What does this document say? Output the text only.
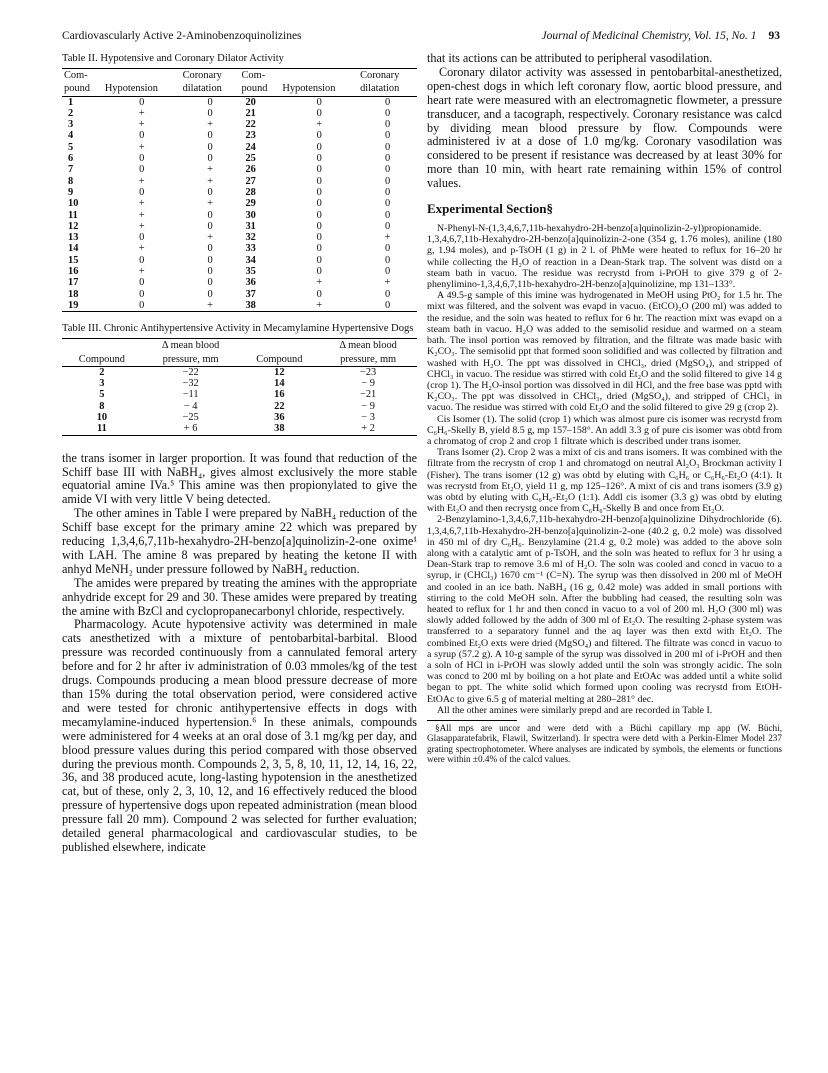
Cardiovascularly Active 2-Aminobenzoquinolizines	Journal of Medicinal Chemistry, Vol. 15, No. 1 93

Table II. Hypotensive and Coronary Dilator Activity

Com-		Coronary	Com-		Coronary
pound	Hypotension	dilatation	pound	Hypotension	dilatation
1	0	0	20	0	0
2	+	0	21	0	0
3	+	+	22	+	0
4	0	0	23	0	0
5	+	0	24	0	0
6	0	0	25	0	0
7	0	+	26	0	0
8	+	+	27	0	0
9	0	0	28	0	0
10	+	+	29	0	0
11	+	0	30	0	0
12	+	0	31	0	0
13	0	+	32	0	+
14	+	0	33	0	0
15	0	0	34	0	0
16	+	0	35	0	0
17	0	0	36	+	+
18	0	0	37	0	0
19	0	+	38	+	0

Table III. Chronic Antihypertensive Activity in Mecamylamine Hypertensive Dogs

	Δ mean blood		Δ mean blood
Compound	pressure, mm	Compound	pressure, mm
2	−22	12	−23
3	−32	14	− 9
5	−11	16	−21
8	− 4	22	− 9
10	−25	36	− 3
11	+ 6	38	+ 2

the trans isomer in larger proportion. It was found that reduction of the Schiff base III with NaBH₄, gives almost exclusively the more stable equatorial amine IVa.⁵ This amine was then propionylated to give the amide VI with very little V being detected.

The other amines in Table I were prepared by NaBH₄ reduction of the Schiff base except for the primary amine 22 which was prepared by reducing 1,3,4,6,7,11b-hexahydro-2H-benzo[a]quinolizin-2-one oxime¹ with LAH. The amine 8 was prepared by heating the ketone II with anhyd MeNH₂ under pressure followed by NaBH₄ reduction.

The amides were prepared by treating the amines with the appropriate anhydride except for 29 and 30. These amides were prepared by treating the amine with BzCl and cyclopropanecarbonyl chloride, respectively.

Pharmacology. Acute hypotensive activity was determined in male cats anesthetized with a mixture of pentobarbital-barbital. Blood pressure was recorded continuously from a cannulated femoral artery before and for 2 hr after iv administration of 0.03 mmoles/kg of the test drugs. Compounds producing a mean blood pressure decrease of more than 15% during the total observation period, were considered active and were tested for chronic antihypertensive effects in dogs with mecamylamine-induced hypertension.⁶ In these animals, compounds were administered for 4 weeks at an oral dose of 3.1 mg/kg per day, and blood pressure values during this period compared with those observed during the previous month. Compounds 2, 3, 5, 8, 10, 11, 12, 14, 16, 22, 36, and 38 produced acute, long-lasting hypotension in the anesthetized cat, but of these, only 2, 3, 10, 12, and 16 effectively reduced the blood pressure of hypertensive dogs upon repeated administration (mean blood pressure fall 20 mm). Compound 2 was selected for further evaluation; detailed general pharmacological and cardiovascular studies, to be published elsewhere, indicate

that its actions can be attributed to peripheral vasodilation.

Coronary dilator activity was assessed in pentobarbital-anesthetized, open-chest dogs in which left coronary flow, aortic blood pressure, and heart rate were measured with an electromagnetic flowmeter, a pressure transducer, and a tacograph, respectively. Coronary resistance was calcd by dividing mean blood pressure by flow. Compounds were administered iv at a dose of 1.0 mg/kg. Coronary vasodilation was considered to be present if resistance was decreased by at least 30% for more than 10 min, with heart rate remaining within 15% of control values.

Experimental Section§

N-Phenyl-N-(1,3,4,6,7,11b-hexahydro-2H-benzo[a]quinolizin-2-yl)propionamide. 1,3,4,6,7,11b-Hexahydro-2H-benzo[a]quinolizin-2-one (354 g, 1.76 moles), aniline (180 g, 1.94 moles), and p-TsOH (1 g) in 2 l. of PhMe were heated to reflux for 16–20 hr while collecting the H₂O of reaction in a Dean-Stark trap. The solvent was distd on a steam bath in vacuo. The residue was recrystd from i-PrOH to give 379 g of 2-phenylimino-1,3,4,6,7,11b-hexahydro-2H-benzo[a]quinolizine, mp 131–133°.

A 49.5-g sample of this imine was hydrogenated in MeOH using PtO₂ for 1.5 hr. The mixt was filtered, and the solvent was evapd in vacuo. (EtCO)₂O (200 ml) was added to the residue, and the soln was heated to reflux for 6 hr. The reaction mixt was evapd on a steam bath in vacuo. H₂O was added to the semisolid residue and warmed on a steam bath. The insol portion was removed by filtration, and the filtrate was made basic with K₂CO₃. The semisolid ppt that formed soon solidified and was collected by filtration and washed with H₂O. The ppt was dissolved in CHCl₃, dried (MgSO₄), and stripped of CHCl₃ in vacuo. The residue was stirred with cold Et₂O and the solid filtered to give 14 g (crop 1). The H₂O-insol portion was dissolved in dil HCl, and the free base was pptd with K₂CO₃. The ppt was dissolved in CHCl₃, dried (MgSO₄), and stripped of CHCl₃ in vacuo. The residue was stirred with cold Et₂O and the solid filtered to give 29 g (crop 2).

Cis Isomer (1). The solid (crop 1) which was almost pure cis isomer was recrystd from C₆H₆-Skelly B, yield 8.5 g, mp 157–158°. An addl 3.3 g of pure cis isomer was obtd from a chromatog of crop 2 and crop 1 filtrate which is described under trans isomer.

Trans Isomer (2). Crop 2 was a mixt of cis and trans isomers. It was combined with the filtrate from the recrystn of crop 1 and chromatogd on neutral Al₂O₃ Brockman activity I (Fisher). The trans isomer (12 g) was obtd by eluting with C₆H₆ or C₆H₆-Et₂O (4:1). It was recrystd from Et₂O, yield 11 g, mp 125–126°. A mixt of cis and trans isomers (3.9 g) was obtd by eluting with C₆H₆-Et₂O (1:1). Addl cis isomer (3.3 g) was obtd by eluting with Et₂O and then recrystg once from C₆H₆-Skelly B and once from Et₂O.

2-Benzylamino-1,3,4,6,7,11b-hexahydro-2H-benzo[a]quinolizine Dihydrochloride (6). 1,3,4,6,7,11b-Hexahydro-2H-benzo[a]quinolizin-2-one (40.2 g, 0.2 mole) was dissolved in 450 ml of dry C₆H₆. Benzylamine (21.4 g, 0.2 mole) was added to the above soln along with a catalytic amt of p-TsOH, and the soln was heated to reflux for 3 hr using a Dean-Stark trap to remove 3.6 ml of H₂O. The soln was cooled and concd in vacuo to a syrup, ir (CHCl₃) 1670 cm⁻¹ (C=N). The syrup was then dissolved in 200 ml of MeOH and cooled in an ice bath. NaBH₄ (16 g, 0.42 mole) was added in small portions with stirring to the cold MeOH soln. After the bubbling had ceased, the resulting soln was heated to reflux for 1 hr and then concd in vacuo to a vol of 200 ml. H₂O (300 ml) was slowly added followed by the addn of 300 ml of Et₂O. The resulting 2-phase system was transferred to a separatory funnel and the aq layer was then extd with Et₂O. The combined Et₂O exts were dried (MgSO₄) and filtered. The filtrate was concd in vacuo to a syrup (57.2 g). A 10-g sample of the syrup was dissolved in 200 ml of i-PrOH and then a soln of HCl in i-PrOH was slowly added until the soln was strongly acidic. The soln was concd to 200 ml by boiling on a hot plate and EtOAc was added until a white solid began to ppt. The white solid which formed upon cooling was recrystd from EtOH-EtOAc to give 6.5 g of material melting at 280–281° dec.

All the other amines were similarly prepd and are recorded in Table I.

§All mps are uncor and were detd with a Büchi capillary mp app (W. Büchi, Glasapparatefabrik, Flawil, Switzerland). Ir spectra were detd with a Perkin-Elmer Model 237 grating spectrophotometer. Where analyses are indicated by symbols, the elements or functions were within ±0.4% of the calcd values.
